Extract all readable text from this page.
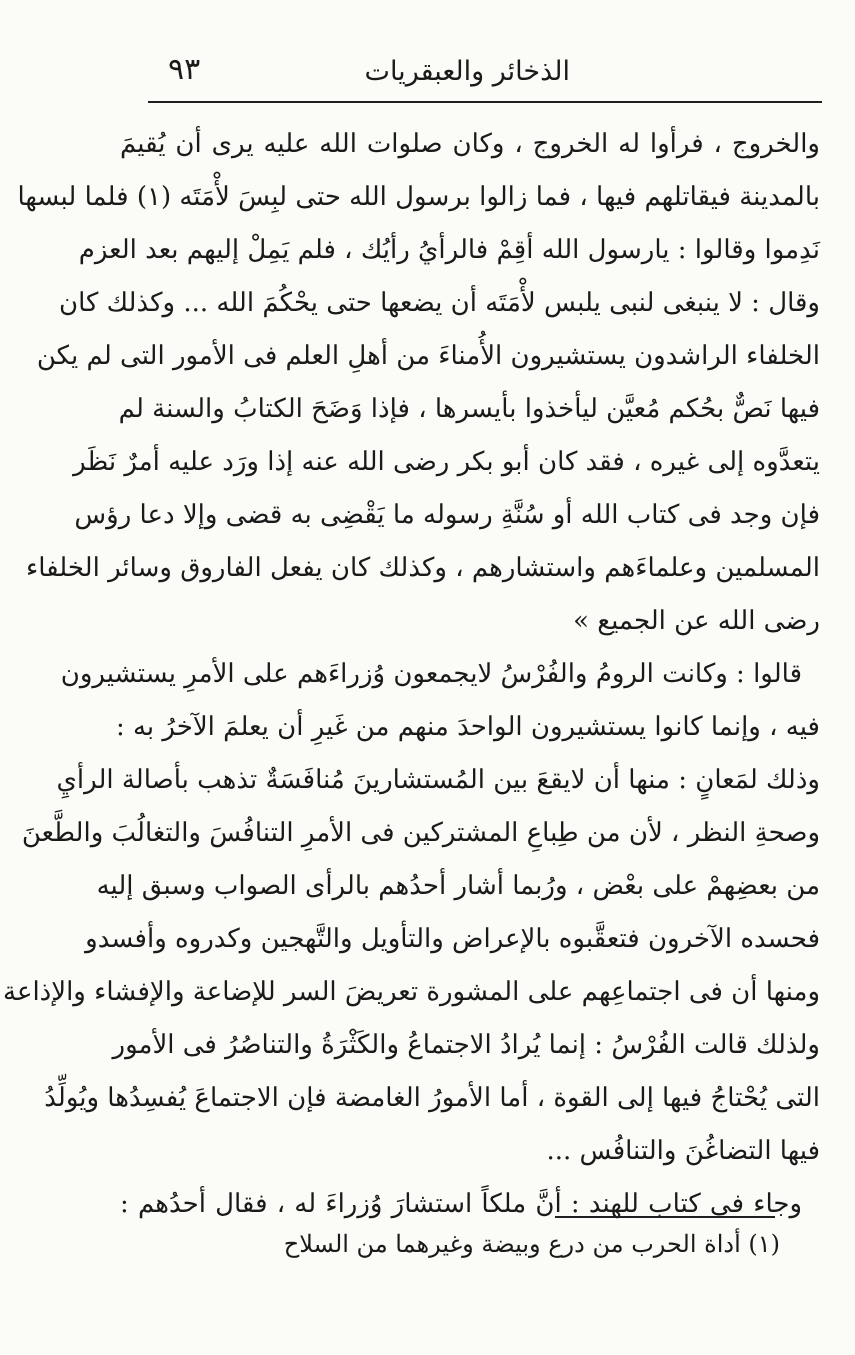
الذخائر والعبقريات
٩٣
والخروج ، فرأوا له الخروج ، وكان صلوات الله عليه يرى أن يُقيمَ
بالمدينة فيقاتلهم فيها ، فما زالوا برسول الله حتى لبِسَ لأْمَتَه (١) فلما لبسها
نَدِموا وقالوا : يارسول الله أقِمْ فالرأيُ رأيُك ، فلم يَمِلْ إليهم بعد العزم
وقال : لا ينبغى لنبى يلبس لأْمَتَه أن يضعها حتى يحْكُمَ الله ... وكذلك كان
الخلفاء الراشدون يستشيرون الأُمناءَ من أهلِ العلم فى الأمور التى لم يكن
فيها نَصٌّ بحُكم مُعيَّن ليأخذوا بأيسرها ، فإذا وَضَحَ الكتابُ والسنة لم
يتعدَّوه إلى غيره ، فقد كان أبو بكر رضى الله عنه إذا ورَد عليه أمرٌ نَظَر
فإن وجد فى كتاب الله أو سُنَّةِ رسوله ما يَقْضِى به قضى وإلا دعا رؤس
المسلمين وعلماءَهم واستشارهم ، وكذلك كان يفعل الفاروق وسائر الخلفاء
رضى الله عن الجميع »
قالوا : وكانت الرومُ والفُرْسُ لايجمعون وُزراءَهم على الأمرِ يستشيرون
فيه ، وإنما كانوا يستشيرون الواحدَ منهم من غَيرِ أن يعلمَ الآخرُ به :
وذلك لمَعانٍ : منها أن لايقعَ بين المُستشارينَ مُنافَسَةٌ تذهب بأصالة الرأيِ
وصحةِ النظر ، لأن من طِباعِ المشتركين فى الأمرِ التنافُسَ والتغالُبَ والطَّعنَ
من بعضِهمْ على بعْض ، ورُبما أشار أحدُهم بالرأى الصواب وسبق إليه
فحسده الآخرون فتعقَّبوه بالإعراض والتأويل والتَّهجين وكدروه وأفسدو
ومنها أن فى اجتماعِهم على المشورة تعريضَ السر للإضاعة والإفشاء والإذاعة
ولذلك قالت الفُرْسُ : إنما يُرادُ الاجتماعُ والكَثْرَةُ والتناصُرُ فى الأمور
التى يُحْتاجُ فيها إلى القوة ، أما الأمورُ الغامضة فإن الاجتماعَ يُفسِدُها ويُولِّدُ
فيها التضاغُنَ والتنافُس ...
وجاء فى كتاب للهند : أنَّ ملكاً استشارَ وُزراءَ له ، فقال أحدُهم :
(١) أداة الحرب من درع وبيضة وغيرهما من السلاح
